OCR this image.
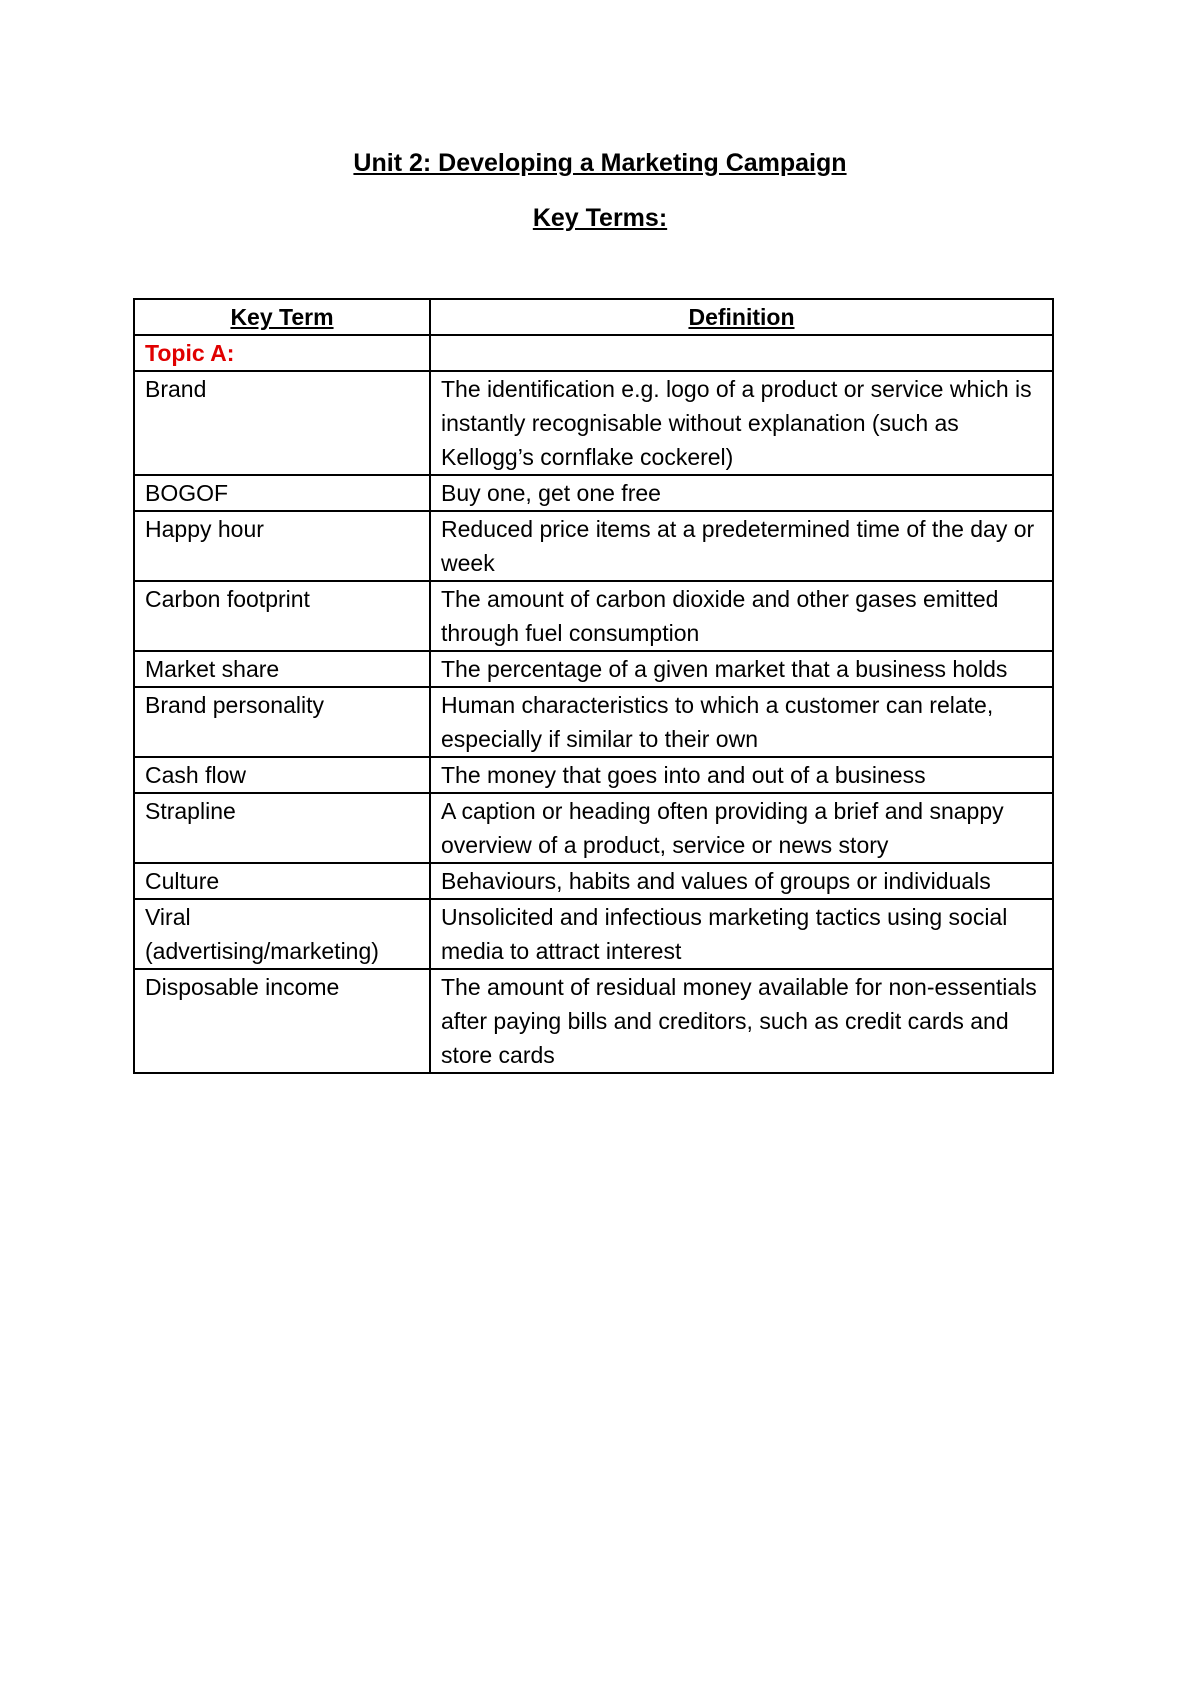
Unit 2: Developing a Marketing Campaign
Key Terms:
Key Term	Definition
Topic A:	
Brand	The identification e.g. logo of a product or service which is instantly recognisable without explanation (such as Kellogg’s cornflake cockerel)
BOGOF	Buy one, get one free
Happy hour	Reduced price items at a predetermined time of the day or week
Carbon footprint	The amount of carbon dioxide and other gases emitted through fuel consumption
Market share	The percentage of a given market that a business holds
Brand personality	Human characteristics to which a customer can relate, especially if similar to their own
Cash flow	The money that goes into and out of a business
Strapline	A caption or heading often providing a brief and snappy overview of a product, service or news story
Culture	Behaviours, habits and values of groups or individuals
Viral (advertising/marketing)	Unsolicited and infectious marketing tactics using social media to attract interest
Disposable income	The amount of residual money available for non-essentials after paying bills and creditors, such as credit cards and store cards
